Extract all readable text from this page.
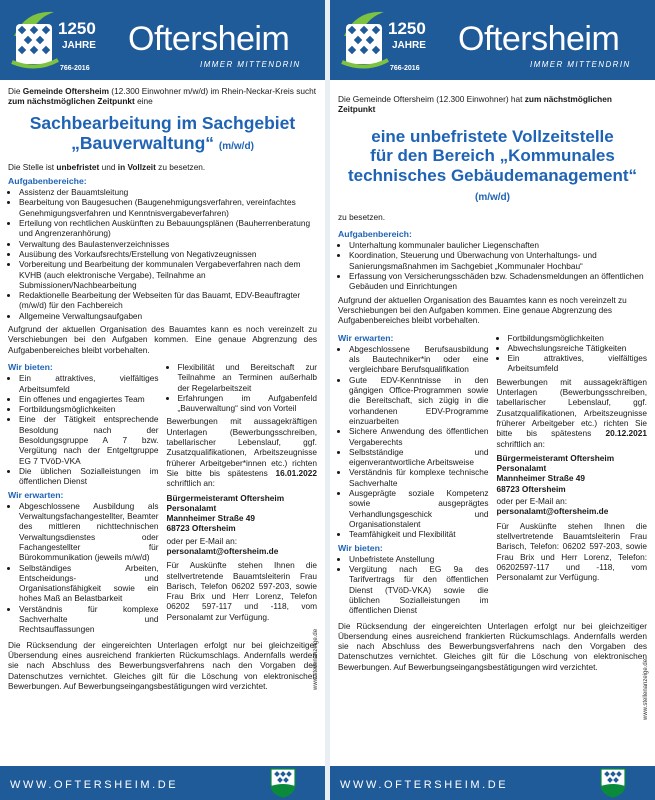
1250
JAHRE
766-2016
Oftersheim
IMMER MITTENDRIN

Die Gemeinde Oftersheim (12.300 Einwohner m/w/d) im Rhein-Neckar-Kreis sucht zum nächstmöglichen Zeitpunkt eine

Sachbearbeitung im Sachgebiet
„Bauverwaltung“ (m/w/d)

Die Stelle ist unbefristet und in Vollzeit zu besetzen.

Aufgabenbereiche:
• Assistenz der Bauamtsleitung
• Bearbeitung von Baugesuchen (Baugenehmigungsverfahren, vereinfachtes Genehmigungsverfahren und Kenntnisvergabeverfahren)
• Erteilung von rechtlichen Auskünften zu Bebauungsplänen (Bauherrenberatung und Angrenzeranhörung)
• Verwaltung des Baulastenverzeichnisses
• Ausübung des Vorkaufsrechts/Erstellung von Negativzeugnissen
• Vorbereitung und Bearbeitung der kommunalen Vergabeverfahren nach dem KVHB (auch elektronische Vergabe), Teilnahme an Submissionen/Nachbearbeitung
• Redaktionelle Bearbeitung der Webseiten für das Bauamt, EDV-Beauftragter (m/w/d) für den Fachbereich
• Allgemeine Verwaltungsaufgaben

Aufgrund der aktuellen Organisation des Bauamtes kann es noch vereinzelt zu Verschiebungen bei den Aufgaben kommen. Eine genaue Abgrenzung des Aufgabenbereiches bleibt vorbehalten.

Wir bieten:
• Ein attraktives, vielfältiges Arbeitsumfeld
• Ein offenes und engagiertes Team
• Fortbildungsmöglichkeiten
• Eine der Tätigkeit entsprechende Besoldung nach der Besoldungsgruppe A 7 bzw. Vergütung nach der Entgeltgruppe EG 7 TVöD-VKA
• Die üblichen Sozialleistungen im öffentlichen Dienst
Wir erwarten:
• Abgeschlossene Ausbildung als Verwaltungsfachangestellter, Beamter des mittleren nichttechnischen Verwaltungsdienstes oder Fachangestellter für Bürokommunikation (jeweils m/w/d)
• Selbständiges Arbeiten, Entscheidungs- und Organisationsfähigkeit sowie ein hohes Maß an Belastbarkeit
• Verständnis für komplexe Sachverhalte und Rechtsauffassungen
• Flexibilität und Bereitschaft zur Teilnahme an Terminen außerhalb der Regelarbeitszeit
• Erfahrungen im Aufgabenfeld „Bauverwaltung“ sind von Vorteil

Bewerbungen mit aussagekräftigen Unterlagen (Bewerbungsschreiben, tabellarischer Lebenslauf, ggf. Zusatzqualifikationen, Arbeitszeugnisse früherer Arbeitgeber*innen etc.) richten Sie bitte bis spätestens 16.01.2022 schriftlich an:

Bürgermeisteramt Oftersheim
Personalamt
Mannheimer Straße 49
68723 Oftersheim

oder per E-Mail an:
personalamt@oftersheim.de

Für Auskünfte stehen Ihnen die stellvertretende Bauamtsleiterin Frau Barisch, Telefon 06202 597-203, sowie Frau Brix und Herr Lorenz, Telefon 06202 597-117 und -118, vom Personalamt zur Verfügung.

Die Rücksendung der eingereichten Unterlagen erfolgt nur bei gleichzeitiger Übersendung eines ausreichend frankierten Rückumschlags. Andernfalls werden sie nach Abschluss des Bewerbungsverfahrens nach den Vorgaben des Datenschutzes vernichtet. Gleiches gilt für die Löschung von elektronischen Bewerbungen. Auf Bewerbungseingangsbestätigungen wird verzichtet.	www.stellenanzeige.de
WWW.OFTERSHEIM.DE
1250
JAHRE
766-2016
Oftersheim
IMMER MITTENDRIN

Die Gemeinde Oftersheim (12.300 Einwohner) hat zum nächstmöglichen Zeitpunkt

eine unbefristete Vollzeitstelle
für den Bereich „Kommunales
technisches Gebäudemanagement“ (m/w/d)

zu besetzen.

Aufgabenbereich:
• Unterhaltung kommunaler baulicher Liegenschaften
• Koordination, Steuerung und Überwachung von Unterhaltungs- und Sanierungsmaßnahmen im Sachgebiet „Kommunaler Hochbau“
• Erfassung von Versicherungsschäden bzw. Schadensmeldungen an öffentlichen Gebäuden und Einrichtungen

Aufgrund der aktuellen Organisation des Bauamtes kann es noch vereinzelt zu Verschiebungen bei den Aufgaben kommen. Eine genaue Abgrenzung des Aufgabenbereiches bleibt vorbehalten.

Wir erwarten:
• Abgeschlossene Berufsausbildung als Bautechniker*in oder eine vergleichbare Berufsqualifikation
• Gute EDV-Kenntnisse in den gängigen Office-Programmen sowie die Bereitschaft, sich zügig in die vorhandenen EDV-Programme einzuarbeiten
• Sichere Anwendung des öffentlichen Vergaberechts
• Selbstständige und eigenverantwortliche Arbeitsweise
• Verständnis für komplexe technische Sachverhalte
• Ausgeprägte soziale Kompetenz sowie ausgeprägtes Verhandlungsgeschick und Organisationstalent
• Teamfähigkeit und Flexibilität
Wir bieten:
• Unbefristete Anstellung
• Vergütung nach EG 9a des Tarifvertrags für den öffentlichen Dienst (TVöD-VKA) sowie die üblichen Sozialleistungen im öffentlichen Dienst
• Fortbildungsmöglichkeiten
• Abwechslungsreiche Tätigkeiten
• Ein attraktives, vielfältiges Arbeitsumfeld

Bewerbungen mit aussagekräftigen Unterlagen (Bewerbungsschreiben, tabellarischer Lebenslauf, ggf. Zusatzqualifikationen, Arbeitszeugnisse früherer Arbeitgeber etc.) richten Sie bitte bis spätestens 20.12.2021 schriftlich an:

Bürgermeisteramt Oftersheim
Personalamt
Mannheimer Straße 49
68723 Oftersheim

oder per E-Mail an:
personalamt@oftersheim.de

Für Auskünfte stehen Ihnen die stellvertretende Bauamtsleiterin Frau Barisch, Telefon: 06202 597-203, sowie Frau Brix und Herr Lorenz, Telefon: 06202597-117 und -118, vom Personalamt zur Verfügung.

Die Rücksendung der eingereichten Unterlagen erfolgt nur bei gleichzeitiger Übersendung eines ausreichend frankierten Rückumschlags. Andernfalls werden sie nach Abschluss des Bewerbungsverfahrens nach den Vorgaben des Datenschutzes vernichtet. Gleiches gilt für die Löschung von elektronischen Bewerbungen. Auf Bewerbungseingangsbestätigungen wird verzichtet.	www.stellenanzeige.de
WWW.OFTERSHEIM.DE
